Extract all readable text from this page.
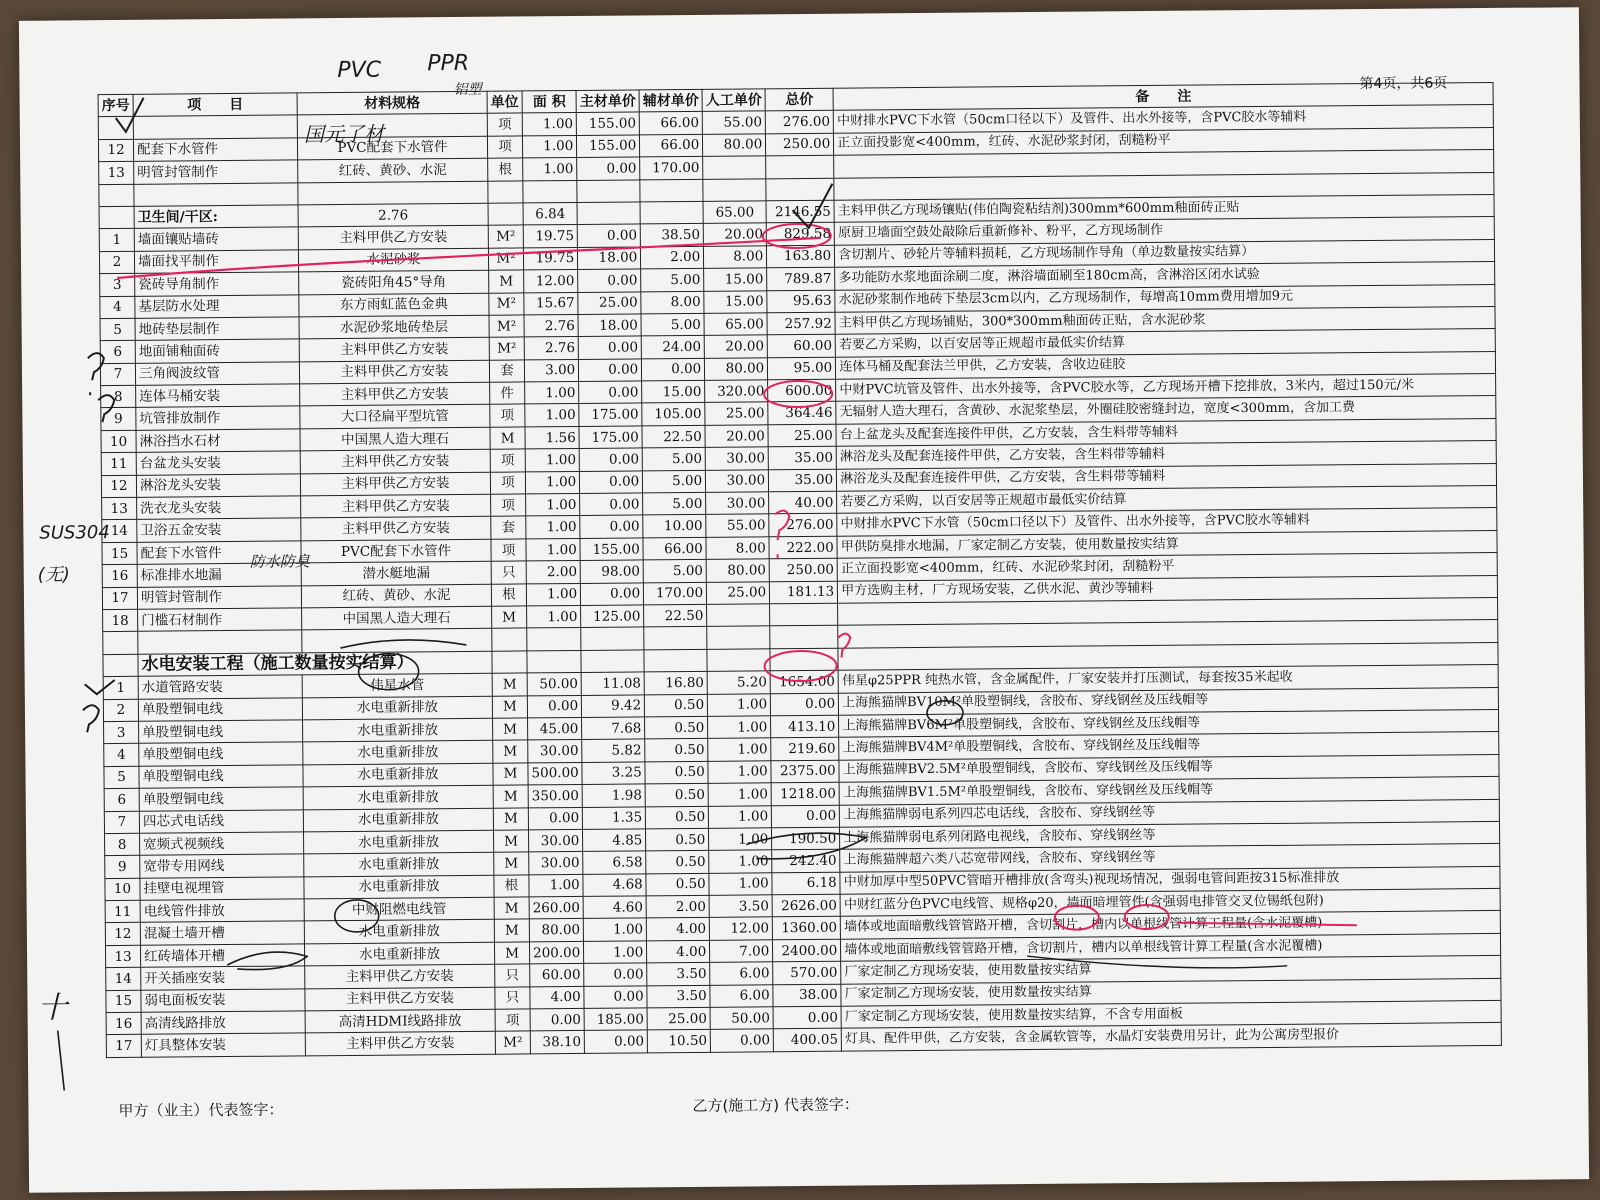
第4页，共6页
序号	项　　目	材料规格	单位	面 积	主材单价	辅材单价	人工单价	总价	备　　注
			项	1.00	155.00	66.00	55.00	276.00	中财排水PVC下水管（50cm口径以下）及管件、出水外接等，含PVC胶水等辅料
12	配套下水管件	PVC配套下水管件	项	1.00	155.00	66.00	80.00	250.00	正立面投影宽<400mm，红砖、水泥砂浆封闭，刮糙粉平
13	明管封管制作	红砖、黄砂、水泥	根	1.00	0.00	170.00			

	卫生间/干区:	2.76		6.84			65.00	2146.55	主料甲供乙方现场镶贴(伟伯陶瓷粘结剂)300mm*600mm釉面砖正贴
1	墙面镶贴墙砖	主料甲供乙方安装	M²	19.75	0.00	38.50	20.00	829.58	原厨卫墙面空鼓处敲除后重新修补、粉平，乙方现场制作
2	墙面找平制作	水泥砂浆	M²	19.75	18.00	2.00	8.00	163.80	含切割片、砂轮片等辅料损耗，乙方现场制作导角（单边数量按实结算）
3	瓷砖导角制作	瓷砖阳角45°导角	M	12.00	0.00	5.00	15.00	789.87	多功能防水浆地面涂刷二度，淋浴墙面刷至180cm高，含淋浴区闭水试验
4	基层防水处理	东方雨虹蓝色金典	M²	15.67	25.00	8.00	15.00	95.63	水泥砂浆制作地砖下垫层3cm以内，乙方现场制作，每增高10mm费用增加9元
5	地砖垫层制作	水泥砂浆地砖垫层	M²	2.76	18.00	5.00	65.00	257.92	主料甲供乙方现场铺贴，300*300mm釉面砖正贴，含水泥砂浆
6	地面铺釉面砖	主料甲供乙方安装	M²	2.76	0.00	24.00	20.00	60.00	若要乙方采购，以百安居等正规超市最低实价结算
7	三角阀波纹管	主料甲供乙方安装	套	3.00	0.00	0.00	80.00	95.00	连体马桶及配套法兰甲供，乙方安装，含收边硅胶
8	连体马桶安装	主料甲供乙方安装	件	1.00	0.00	15.00	320.00	600.00	中财PVC坑管及管件、出水外接等，含PVC胶水等，乙方现场开槽下挖排放，3米内，超过150元/米
9	坑管排放制作	大口径扁平型坑管	项	1.00	175.00	105.00	25.00	364.46	无辐射人造大理石，含黄砂、水泥浆垫层，外圈硅胶密缝封边，宽度<300mm，含加工费
10	淋浴挡水石材	中国黑人造大理石	M	1.56	175.00	22.50	20.00	25.00	台上盆龙头及配套连接件甲供，乙方安装，含生料带等辅料
11	台盆龙头安装	主料甲供乙方安装	项	1.00	0.00	5.00	30.00	35.00	淋浴龙头及配套连接件甲供，乙方安装，含生料带等辅料
12	淋浴龙头安装	主料甲供乙方安装	项	1.00	0.00	5.00	30.00	35.00	淋浴龙头及配套连接件甲供，乙方安装，含生料带等辅料
13	洗衣龙头安装	主料甲供乙方安装	项	1.00	0.00	5.00	30.00	40.00	若要乙方采购，以百安居等正规超市最低实价结算
14	卫浴五金安装	主料甲供乙方安装	套	1.00	0.00	10.00	55.00	276.00	中财排水PVC下水管（50cm口径以下）及管件、出水外接等，含PVC胶水等辅料
15	配套下水管件	PVC配套下水管件	项	1.00	155.00	66.00	8.00	222.00	甲供防臭排水地漏，厂家定制乙方安装，使用数量按实结算
16	标准排水地漏	潜水艇地漏	只	2.00	98.00	5.00	80.00	250.00	正立面投影宽<400mm，红砖、水泥砂浆封闭，刮糙粉平
17	明管封管制作	红砖、黄砂、水泥	根	1.00	0.00	170.00	25.00	181.13	甲方选购主材，厂方现场安装，乙供水泥、黄沙等辅料
18	门槛石材制作	中国黑人造大理石	M	1.00	125.00	22.50			

	水电安装工程（施工数量按实结算）								
1	水道管路安装	伟星水管	M	50.00	11.08	16.80	5.20	1654.00	伟星φ25PPR 纯热水管，含金属配件，厂家安装并打压测试，每套按35米起收
2	单股塑铜电线	水电重新排放	M	0.00	9.42	0.50	1.00	0.00	上海熊猫牌BV10M²单股塑铜线，含胶布、穿线钢丝及压线帽等
3	单股塑铜电线	水电重新排放	M	45.00	7.68	0.50	1.00	413.10	上海熊猫牌BV6M²单股塑铜线，含胶布、穿线钢丝及压线帽等
4	单股塑铜电线	水电重新排放	M	30.00	5.82	0.50	1.00	219.60	上海熊猫牌BV4M²单股塑铜线，含胶布、穿线钢丝及压线帽等
5	单股塑铜电线	水电重新排放	M	500.00	3.25	0.50	1.00	2375.00	上海熊猫牌BV2.5M²单股塑铜线，含胶布、穿线钢丝及压线帽等
6	单股塑铜电线	水电重新排放	M	350.00	1.98	0.50	1.00	1218.00	上海熊猫牌BV1.5M²单股塑铜线，含胶布、穿线钢丝及压线帽等
7	四芯式电话线	水电重新排放	M	0.00	1.35	0.50	1.00	0.00	上海熊猫牌弱电系列四芯电话线，含胶布、穿线钢丝等
8	宽频式视频线	水电重新排放	M	30.00	4.85	0.50	1.00	190.50	上海熊猫牌弱电系列闭路电视线，含胶布、穿线钢丝等
9	宽带专用网线	水电重新排放	M	30.00	6.58	0.50	1.00	242.40	上海熊猫牌超六类八芯宽带网线，含胶布、穿线钢丝等
10	挂壁电视埋管	水电重新排放	根	1.00	4.68	0.50	1.00	6.18	中财加厚中型50PVC管暗开槽排放(含弯头)视现场情况，强弱电管间距按315标准排放
11	电线管件排放	中财阻燃电线管	M	260.00	4.60	2.00	3.50	2626.00	中财红蓝分色PVC电线管、规格φ20，墙面暗埋管件(含强弱电排管交叉位锡纸包附)
12	混凝土墙开槽	水电重新排放	M	80.00	1.00	4.00	12.00	1360.00	墙体或地面暗敷线管管路开槽，含切割片，槽内以单根线管计算工程量(含水泥覆槽)
13	红砖墙体开槽	水电重新排放	M	200.00	1.00	4.00	7.00	2400.00	墙体或地面暗敷线管管路开槽，含切割片，槽内以单根线管计算工程量(含水泥覆槽)
14	开关插座安装	主料甲供乙方安装	只	60.00	0.00	3.50	6.00	570.00	厂家定制乙方现场安装，使用数量按实结算
15	弱电面板安装	主料甲供乙方安装	只	4.00	0.00	3.50	6.00	38.00	厂家定制乙方现场安装，使用数量按实结算
16	高清线路排放	高清HDMI线路排放	项	0.00	185.00	25.00	50.00	0.00	厂家定制乙方现场安装，使用数量按实结算，不含专用面板
17	灯具整体安装	主料甲供乙方安装	M²	38.10	0.00	10.50	0.00	400.05	灯具、配件甲供，乙方安装，含金属软管等，水晶灯安装费用另计，此为公寓房型报价
甲方（业主）代表签字：	乙方(施工方) 代表签字：
PVC PPR
铝塑
国元了材
SUS304
(无)
防水防臭
十
